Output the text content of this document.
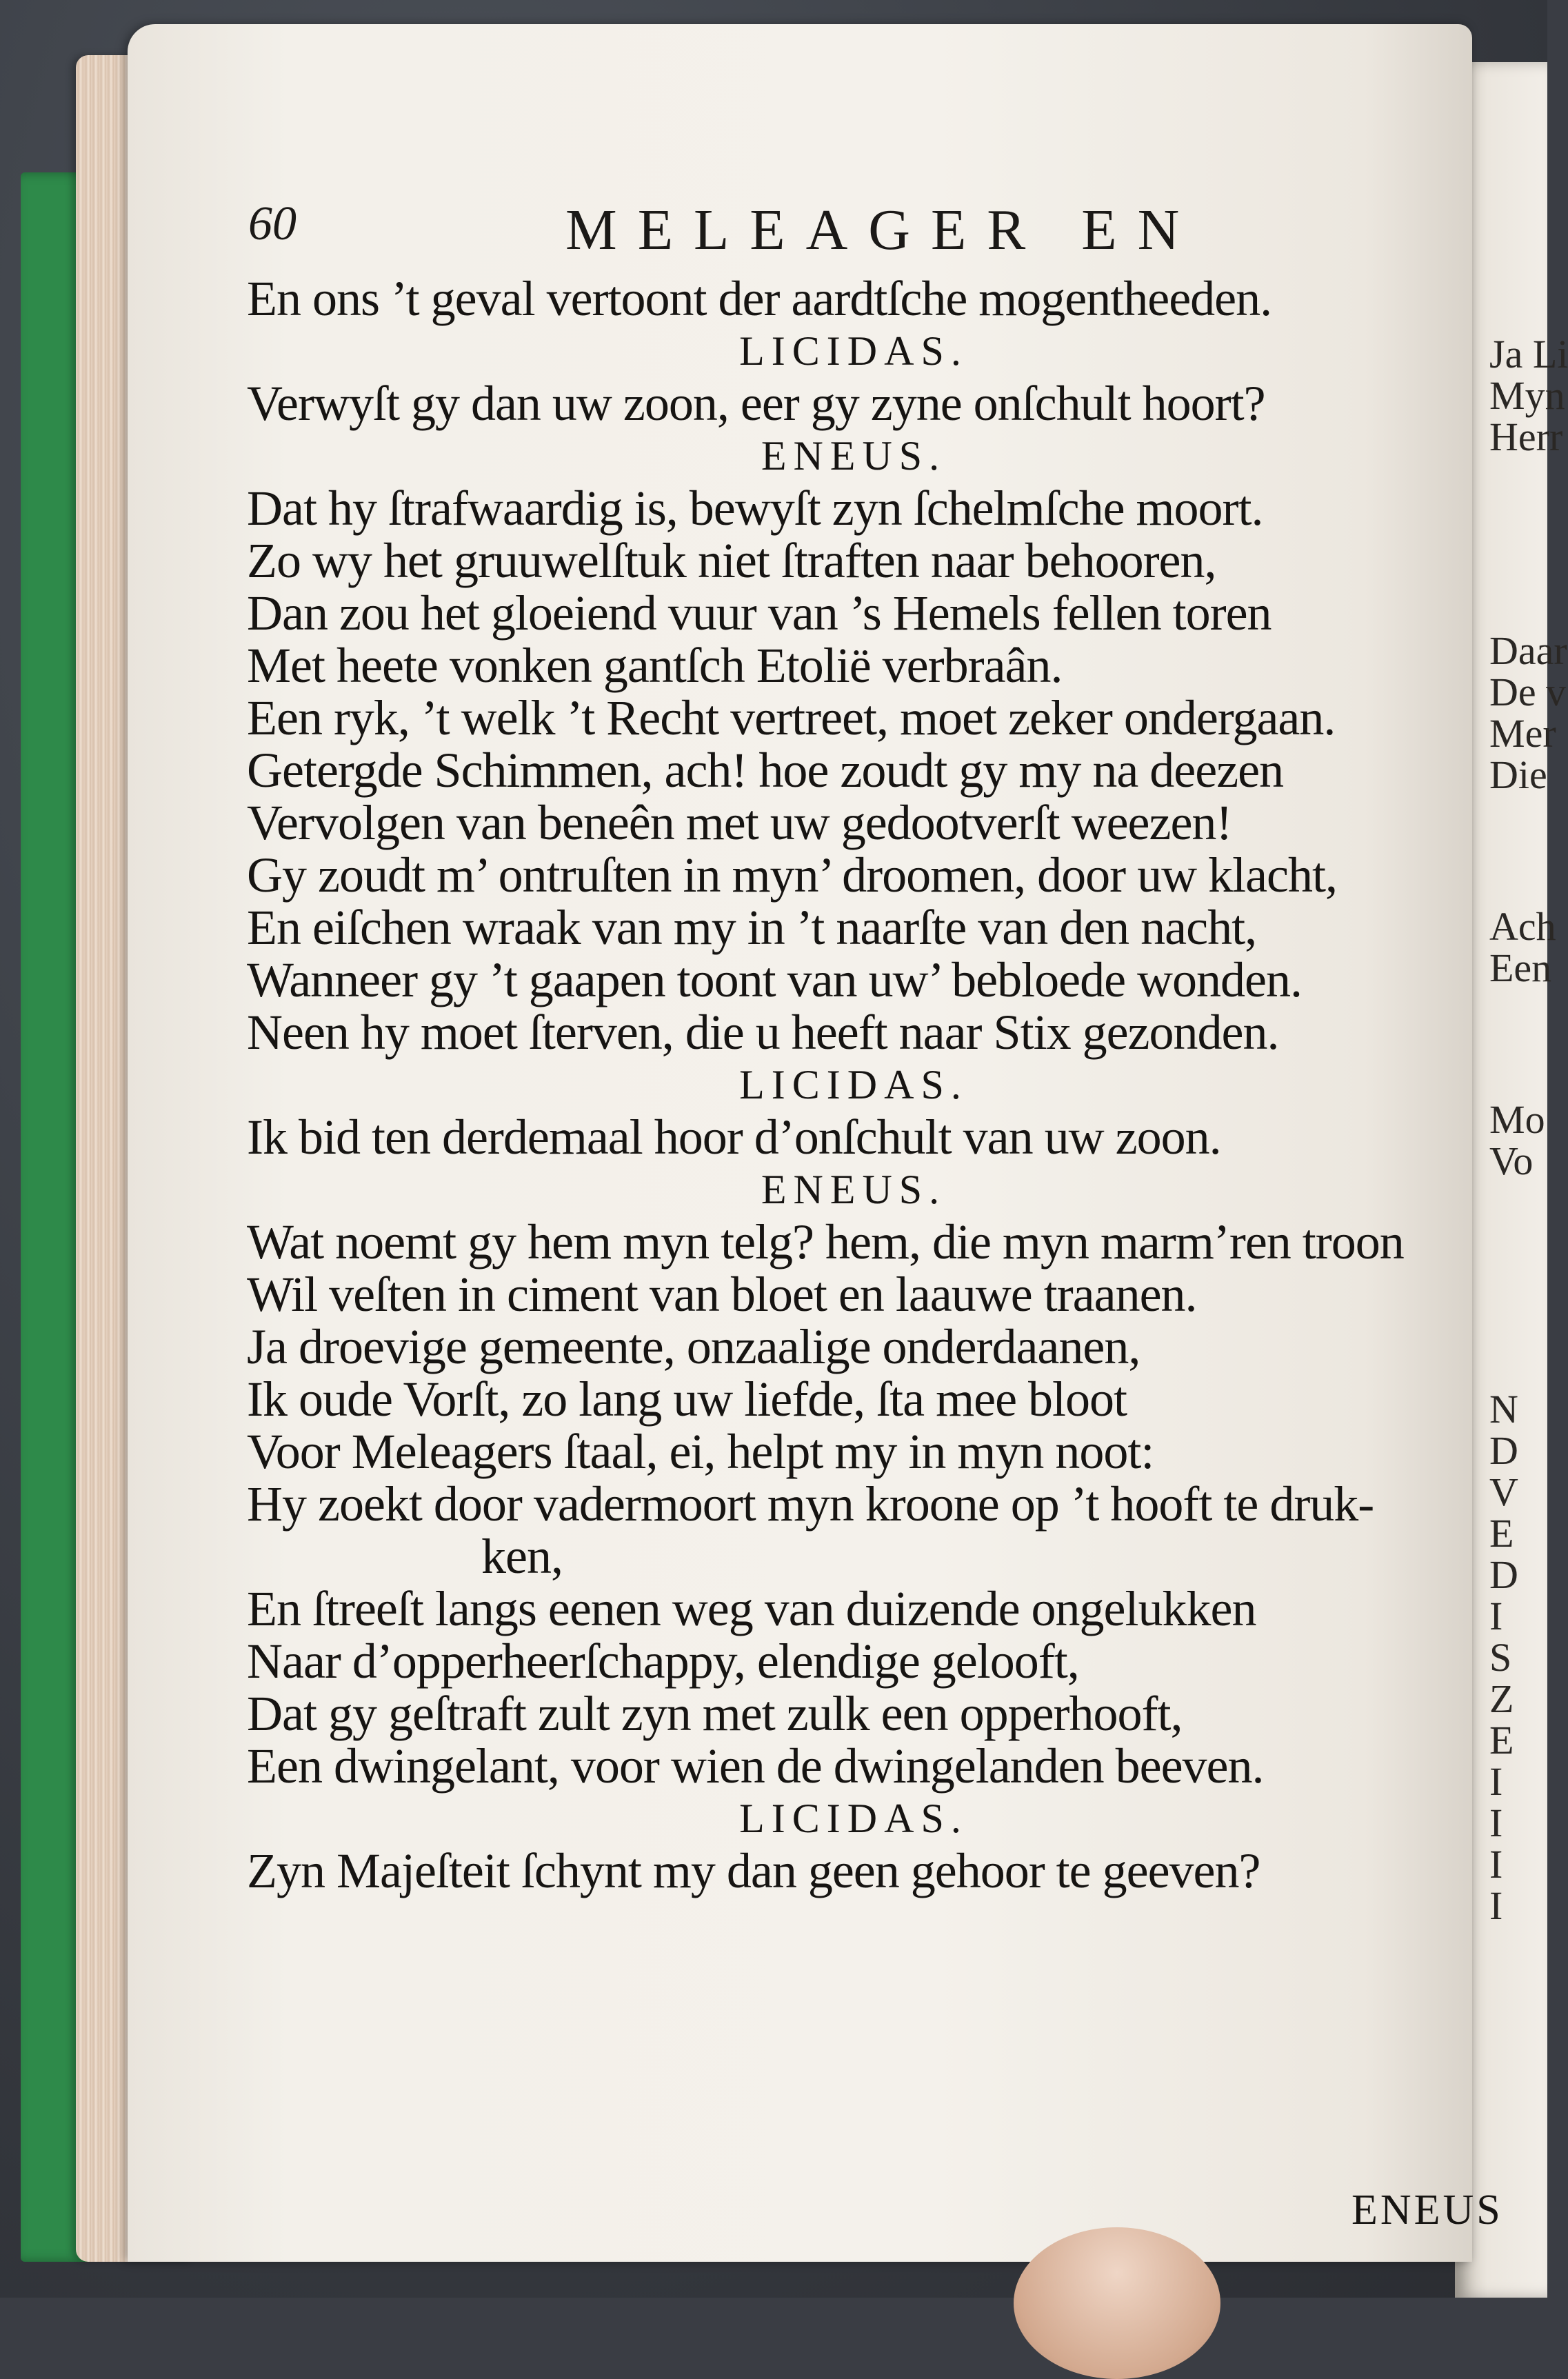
60	MELEAGER EN
En ons ’t geval vertoont der aardtſche mogentheeden.
LICIDAS.
Verwyſt gy dan uw zoon, eer gy zyne onſchult hoort?
ENEUS.
Dat hy ſtrafwaardig is, bewyſt zyn ſchelmſche moort.
Zo wy het gruuwelſtuk niet ſtraften naar behooren,
Dan zou het gloeiend vuur van ’s Hemels fellen toren
Met heete vonken gantſch Etolië verbraân.
Een ryk, ’t welk ’t Recht vertreet, moet zeker ondergaan.
Getergde Schimmen, ach! hoe zoudt gy my na deezen
Vervolgen van beneên met uw gedootverſt weezen!
Gy zoudt m’ ontruſten in myn’ droomen, door uw klacht,
En eiſchen wraak van my in ’t naarſte van den nacht,
Wanneer gy ’t gaapen toont van uw’ bebloede wonden.
Neen hy moet ſterven, die u heeft naar Stix gezonden.
LICIDAS.
Ik bid ten derdemaal hoor d’onſchult van uw zoon.
ENEUS.
Wat noemt gy hem myn telg? hem, die myn marm’ren troon
Wil veſten in ciment van bloet en laauwe traanen.
Ja droevige gemeente, onzaalige onderdaanen,
Ik oude Vorſt, zo lang uw liefde, ſta mee bloot
Voor Meleagers ſtaal, ei, helpt my in myn noot:
Hy zoekt door vadermoort myn kroone op ’t hooft te druk-
ken,
En ſtreeſt langs eenen weg van duizende ongelukken
Naar d’opperheerſchappy, elendige gelooft,
Dat gy geſtraft zult zyn met zulk een opperhooft,
Een dwingelant, voor wien de dwingelanden beeven.
LICIDAS.
Zyn Majeſteit ſchynt my dan geen gehoor te geeven?
ENEUS
Ja Li
Myn
Herr
Daar
De v
Mer
Die
Ach
Een
Mo
Vo
N
D
V
E
D
I
S
Z
E
I
I
I
I
